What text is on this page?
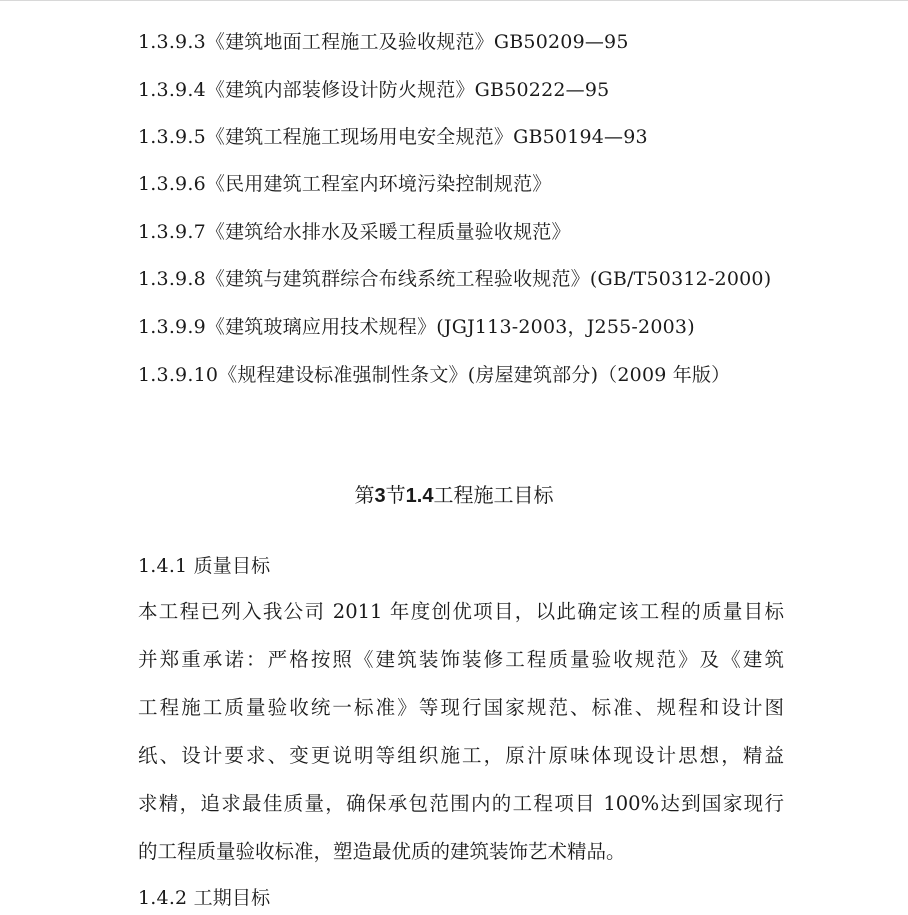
1.3.9.3《建筑地面工程施工及验收规范》GB50209—95
1.3.9.4《建筑内部装修设计防火规范》GB50222—95
1.3.9.5《建筑工程施工现场用电安全规范》GB50194—93
1.3.9.6《民用建筑工程室内环境污染控制规范》
1.3.9.7《建筑给水排水及采暖工程质量验收规范》
1.3.9.8《建筑与建筑群综合布线系统工程验收规范》(GB/T50312-2000)
1.3.9.9《建筑玻璃应用技术规程》(JGJ113-2003，J255-2003)
1.3.9.10《规程建设标准强制性条文》(房屋建筑部分)（2009 年版）
第3节1.4工程施工目标
1.4.1 质量目标
本工程已列入我公司 2011 年度创优项目，以此确定该工程的质量目标
并郑重承诺：严格按照《建筑装饰装修工程质量验收规范》及《建筑
工程施工质量验收统一标准》等现行国家规范、标准、规程和设计图
纸、设计要求、变更说明等组织施工，原汁原味体现设计思想，精益
求精，追求最佳质量，确保承包范围内的工程项目 100%达到国家现行
的工程质量验收标准，塑造最优质的建筑装饰艺术精品。
1.4.2 工期目标
